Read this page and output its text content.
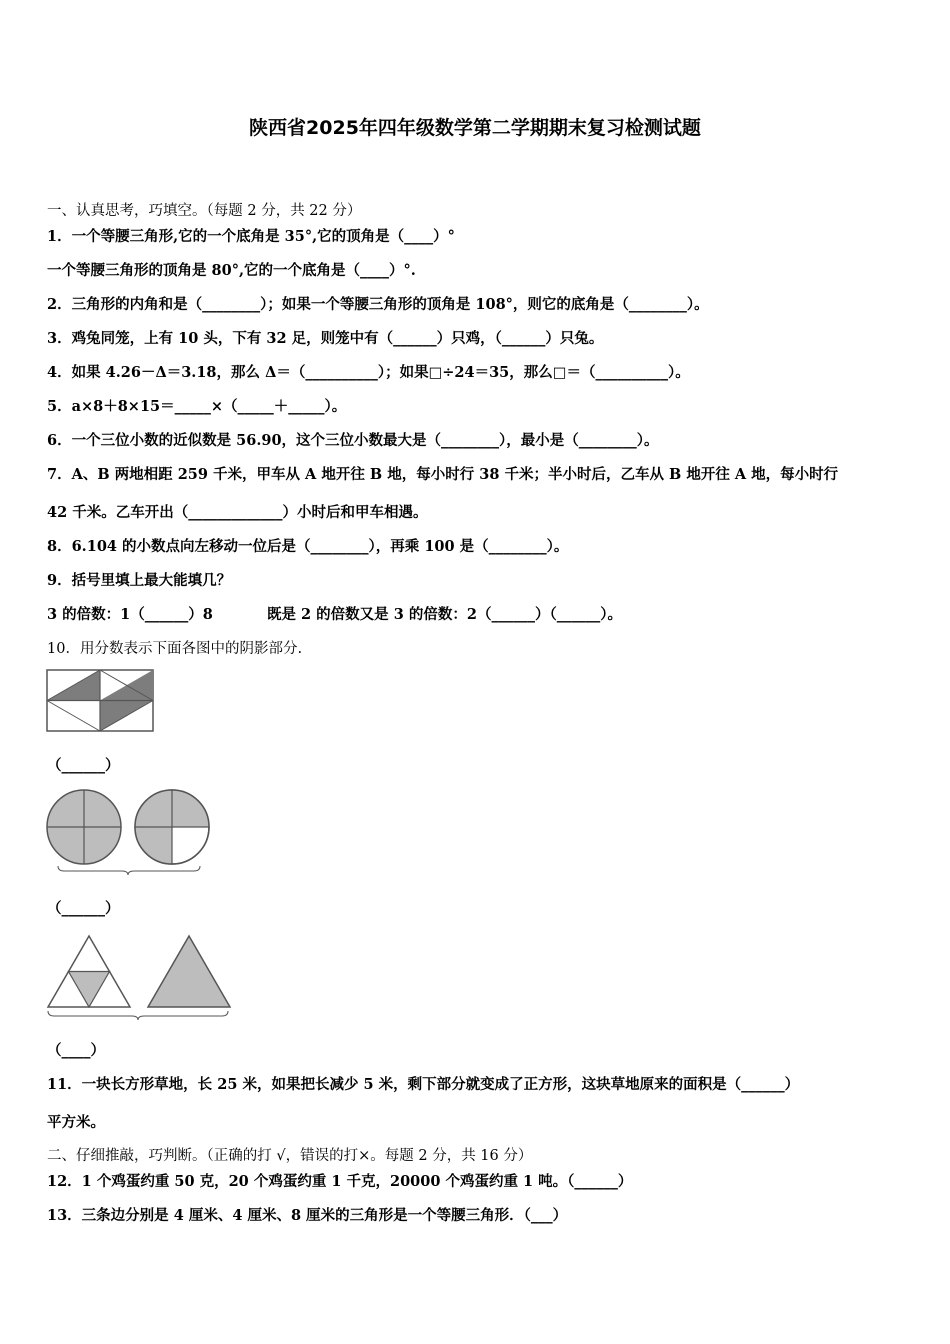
陕西省2025年四年级数学第二学期期末复习检测试题
一、认真思考，巧填空。（每题 2 分，共 22 分）
1．一个等腰三角形,它的一个底角是 35°,它的顶角是（____）°
一个等腰三角形的顶角是 80°,它的一个底角是（____）°.
2．三角形的内角和是（________）；如果一个等腰三角形的顶角是 108°，则它的底角是（________）。
3．鸡兔同笼，上有 10 头，下有 32 足，则笼中有（______）只鸡，（______）只兔。
4．如果 4.26－Δ＝3.18，那么 Δ＝（__________）；如果□÷24＝35，那么□＝（__________）。
5．a×8＋8×15＝_____×（_____＋_____）。
6．一个三位小数的近似数是 56.90，这个三位小数最大是（________），最小是（________）。
7．A、B 两地相距 259 千米，甲车从 A 地开往 B 地，每小时行 38 千米；半小时后，乙车从 B 地开往 A 地，每小时行
42 千米。乙车开出（_____________）小时后和甲车相遇。
8．6.104 的小数点向左移动一位后是（________），再乘 100 是（________）。
9．括号里填上最大能填几？
3 的倍数：1（______）8	既是 2 的倍数又是 3 的倍数：2（______）（______）。
10．用分数表示下面各图中的阴影部分.
（______）
（______）
（____）
11．一块长方形草地，长 25 米，如果把长减少 5 米，剩下部分就变成了正方形，这块草地原来的面积是（______）
平方米。
二、仔细推敲，巧判断。（正确的打 √，错误的打×。每题 2 分，共 16 分）
12．1 个鸡蛋约重 50 克，20 个鸡蛋约重 1 千克，20000 个鸡蛋约重 1 吨。（______）
13．三条边分别是 4 厘米、4 厘米、8 厘米的三角形是一个等腰三角形．（___）
